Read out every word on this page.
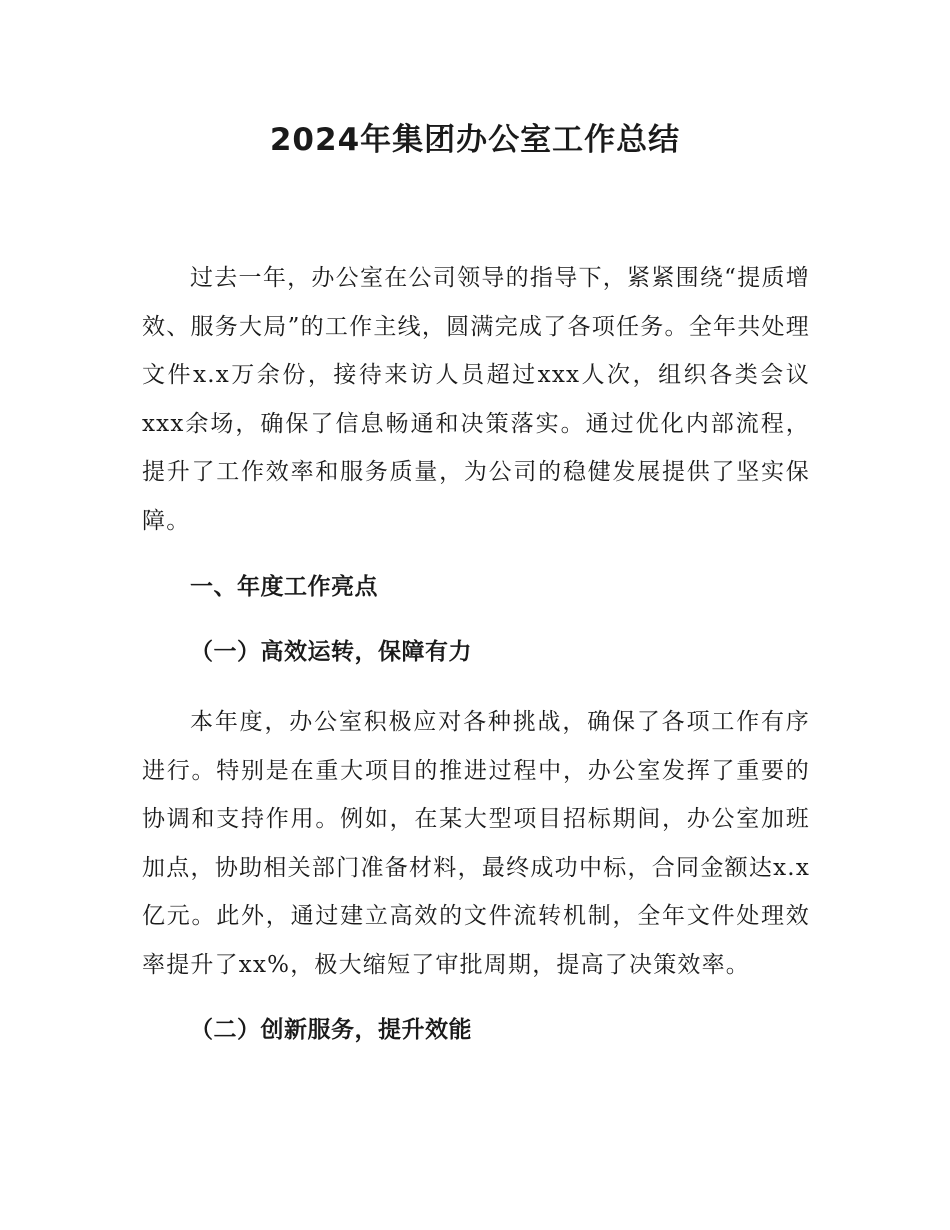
2024年集团办公室工作总结

过去一年，办公室在公司领导的指导下，紧紧围绕“提质增效、服务大局”的工作主线，圆满完成了各项任务。全年共处理文件x.x万余份，接待来访人员超过xxx人次，组织各类会议xxx余场，确保了信息畅通和决策落实。通过优化内部流程，提升了工作效率和服务质量，为公司的稳健发展提供了坚实保障。

一、年度工作亮点
（一）高效运转，保障有力

本年度，办公室积极应对各种挑战，确保了各项工作有序进行。特别是在重大项目的推进过程中，办公室发挥了重要的协调和支持作用。例如，在某大型项目招标期间，办公室加班加点，协助相关部门准备材料，最终成功中标，合同金额达x.x亿元。此外，通过建立高效的文件流转机制，全年文件处理效率提升了xx%，极大缩短了审批周期，提高了决策效率。

（二）创新服务，提升效能
